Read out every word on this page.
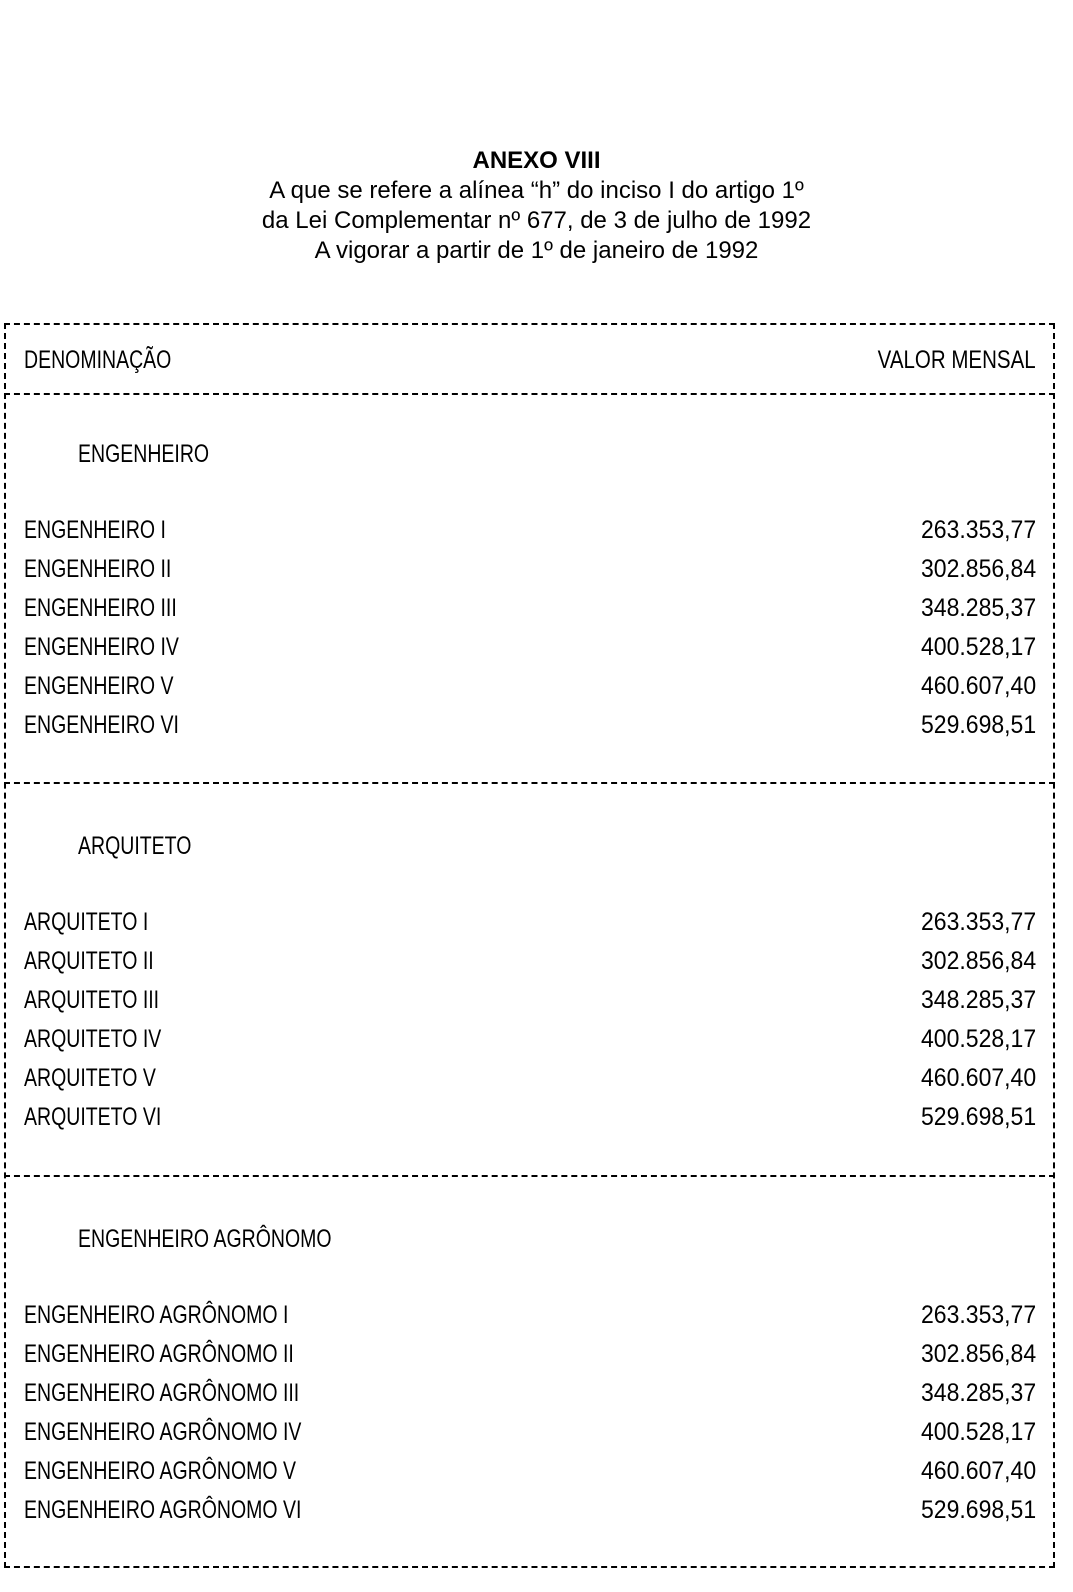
ANEXO VIII
A que se refere a alínea “h” do inciso I do artigo 1º
da Lei Complementar nº 677, de 3 de julho de 1992
A vigorar a partir de 1º de janeiro de 1992
DENOMINAÇÃO	VALOR MENSAL
ENGENHEIRO
ENGENHEIRO I	263.353,77
ENGENHEIRO II	302.856,84
ENGENHEIRO III	348.285,37
ENGENHEIRO IV	400.528,17
ENGENHEIRO V	460.607,40
ENGENHEIRO VI	529.698,51
ARQUITETO
ARQUITETO I	263.353,77
ARQUITETO II	302.856,84
ARQUITETO III	348.285,37
ARQUITETO IV	400.528,17
ARQUITETO V	460.607,40
ARQUITETO VI	529.698,51
ENGENHEIRO AGRÔNOMO
ENGENHEIRO AGRÔNOMO I	263.353,77
ENGENHEIRO AGRÔNOMO II	302.856,84
ENGENHEIRO AGRÔNOMO III	348.285,37
ENGENHEIRO AGRÔNOMO IV	400.528,17
ENGENHEIRO AGRÔNOMO V	460.607,40
ENGENHEIRO AGRÔNOMO VI	529.698,51
